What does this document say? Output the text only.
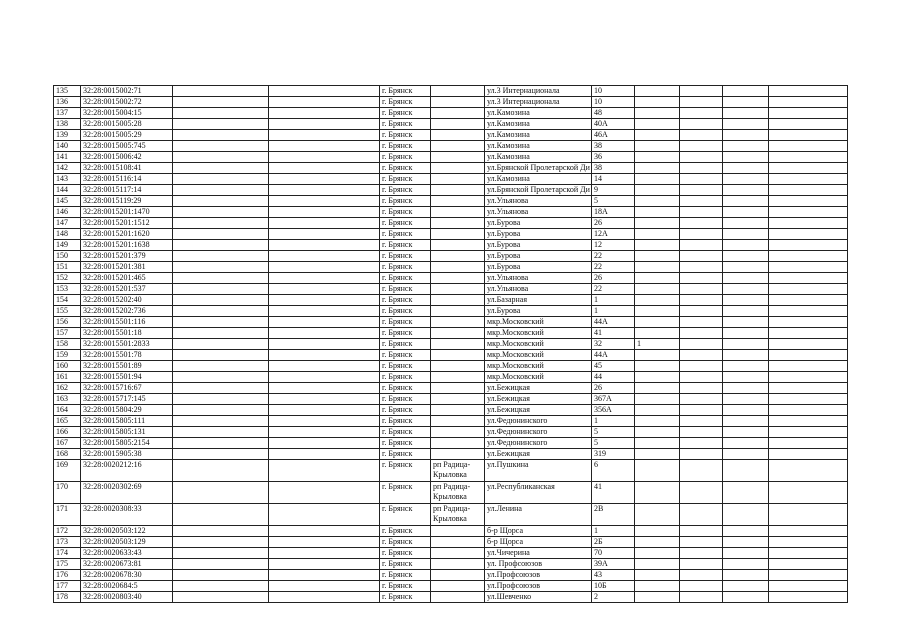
135	32:28:0015002:71			г. Брянск		ул.3 Интернационала	10				
136	32:28:0015002:72			г. Брянск		ул.3 Интернационала	10				
137	32:28:0015004:15			г. Брянск		ул.Камозина	48				
138	32:28:0015005:28			г. Брянск		ул.Камозина	40А				
139	32:28:0015005:29			г. Брянск		ул.Камозина	46А				
140	32:28:0015005:745			г. Брянск		ул.Камозина	38				
141	32:28:0015006:42			г. Брянск		ул.Камозина	36				
142	32:28:0015108:41			г. Брянск		ул.Брянской Пролетарской Ди	38				
143	32:28:0015116:14			г. Брянск		ул.Камозина	14				
144	32:28:0015117:14			г. Брянск		ул.Брянской Пролетарской Ди	9				
145	32:28:0015119:29			г. Брянск		ул.Ульянова	5				
146	32:28:0015201:1470			г. Брянск		ул.Ульянова	18А				
147	32:28:0015201:1512			г. Брянск		ул.Бурова	26				
148	32:28:0015201:1620			г. Брянск		ул.Бурова	12А				
149	32:28:0015201:1638			г. Брянск		ул.Бурова	12				
150	32:28:0015201:379			г. Брянск		ул.Бурова	22				
151	32:28:0015201:381			г. Брянск		ул.Бурова	22				
152	32:28:0015201:465			г. Брянск		ул.Ульянова	26				
153	32:28:0015201:537			г. Брянск		ул.Ульянова	22				
154	32:28:0015202:40			г. Брянск		ул.Базарная	1				
155	32:28:0015202:736			г. Брянск		ул.Бурова	1				
156	32:28:0015501:116			г. Брянск		мкр.Московский	44А				
157	32:28:0015501:18			г. Брянск		мкр.Московский	41				
158	32:28:0015501:2833			г. Брянск		мкр.Московский	32	1			
159	32:28:0015501:78			г. Брянск		мкр.Московский	44А				
160	32:28:0015501:89			г. Брянск		мкр.Московский	45				
161	32:28:0015501:94			г. Брянск		мкр.Московский	44				
162	32:28:0015716:67			г. Брянск		ул.Бежицкая	26				
163	32:28:0015717:145			г. Брянск		ул.Бежицкая	367А				
164	32:28:0015804:29			г. Брянск		ул.Бежицкая	356А				
165	32:28:0015805:111			г. Брянск		ул.Федюнинского	1				
166	32:28:0015805:131			г. Брянск		ул.Федюнинского	5				
167	32:28:0015805:2154			г. Брянск		ул.Федюнинского	5				
168	32:28:0015905:38			г. Брянск		ул.Бежицкая	319				
169	32:28:0020212:16			г. Брянск	рп Радица-Крыловка	ул.Пушкина	6				
170	32:28:0020302:69			г. Брянск	рп Радица-Крыловка	ул.Республиканская	41				
171	32:28:0020308:33			г. Брянск	рп Радица-Крыловка	ул.Ленина	2В				
172	32:28:0020503:122			г. Брянск		б-р Щорса	1				
173	32:28:0020503:129			г. Брянск		б-р Щорса	2Б				
174	32:28:0020633:43			г. Брянск		ул.Чичерина	70				
175	32:28:0020673:81			г. Брянск		ул. Профсоюзов	39А				
176	32:28:0020678:30			г. Брянск		ул.Профсоюзов	43				
177	32:28:0020684:5			г. Брянск		ул.Профсоюзов	10Б				
178	32:28:0020803:40			г. Брянск		ул.Шевченко	2				
